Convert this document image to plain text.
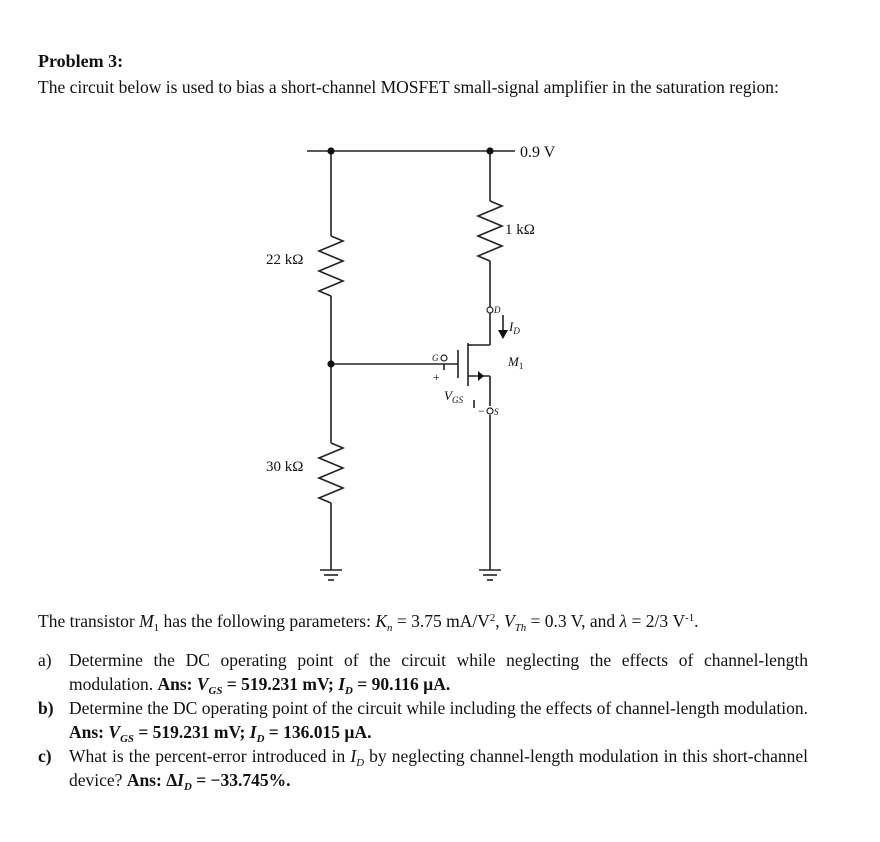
Problem 3:
The circuit below is used to bias a short-channel MOSFET small-signal amplifier in the saturation region:
0.9 V
1 kΩ
22 kΩ
30 kΩ
D
S
G
$I_D$
$M_1$
$V_{GS}$
+
−
The transistor $M_1$ has the following parameters: $K_n = 3.75$ $mA/V^2$, $V_{Th} = 0.3$ V, and λ = 2/3 $V^{-1}$.
a) Determine the DC operating point of the circuit while neglecting the effects of channel-length modulation. Ans: $V_{GS} = 519.231$ mV; $I_D = 90.116$ µA.
b) Determine the DC operating point of the circuit while including the effects of channel-length modulation. Ans: $V_{GS} = 519.231$ mV; $I_D = 136.015$ µA.
c) What is the percent-error introduced in $I_D$ by neglecting channel-length modulation in this short-channel device? Ans: $\Delta I_D = -33.745\%$.
